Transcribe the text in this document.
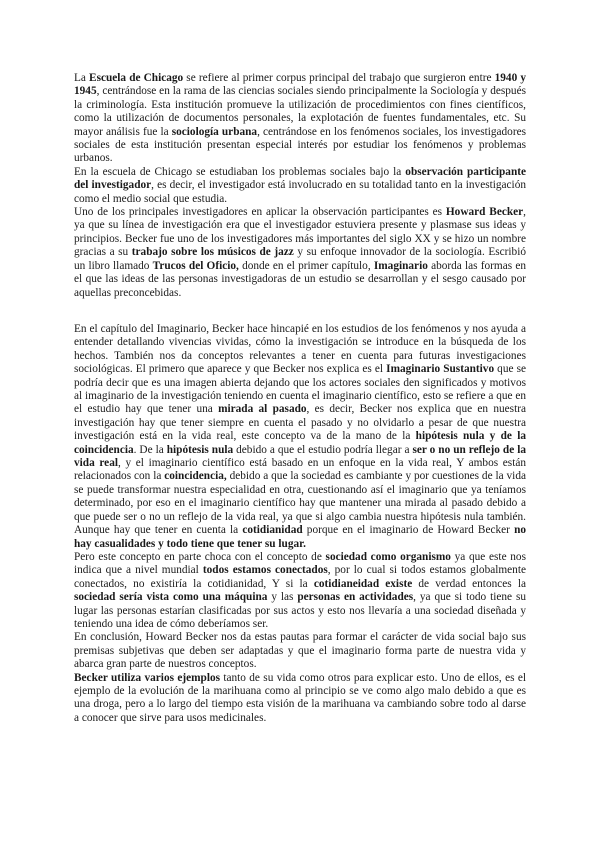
La Escuela de Chicago se refiere al primer corpus principal del trabajo que surgieron entre 1940 y 1945, centrándose en la rama de las ciencias sociales siendo principalmente la Sociología y después la criminología. Esta institución promueve la utilización de procedimientos con fines científicos, como la utilización de documentos personales, la explotación de fuentes fundamentales, etc. Su mayor análisis fue la sociología urbana, centrándose en los fenómenos sociales, los investigadores sociales de esta institución presentan especial interés por estudiar los fenómenos y problemas urbanos.

En la escuela de Chicago se estudiaban los problemas sociales bajo la observación participante del investigador, es decir, el investigador está involucrado en su totalidad tanto en la investigación como el medio social que estudia.

Uno de los principales investigadores en aplicar la observación participantes es Howard Becker, ya que su línea de investigación era que el investigador estuviera presente y plasmase sus ideas y principios. Becker fue uno de los investigadores más importantes del siglo XX y se hizo un nombre gracias a su trabajo sobre los músicos de jazz y su enfoque innovador de la sociología. Escribió un libro llamado Trucos del Oficio, donde en el primer capítulo, Imaginario aborda las formas en el que las ideas de las personas investigadoras de un estudio se desarrollan y el sesgo causado por aquellas preconcebidas.

En el capítulo del Imaginario, Becker hace hincapié en los estudios de los fenómenos y nos ayuda a entender detallando vivencias vividas, cómo la investigación se introduce en la búsqueda de los hechos. También nos da conceptos relevantes a tener en cuenta para futuras investigaciones sociológicas. El primero que aparece y que Becker nos explica es el Imaginario Sustantivo que se podría decir que es una imagen abierta dejando que los actores sociales den significados y motivos al imaginario de la investigación teniendo en cuenta el imaginario científico, esto se refiere a que en el estudio hay que tener una mirada al pasado, es decir, Becker nos explica que en nuestra investigación hay que tener siempre en cuenta el pasado y no olvidarlo a pesar de que nuestra investigación está en la vida real, este concepto va de la mano de la hipótesis nula y de la coincidencia. De la hipótesis nula debido a que el estudio podría llegar a ser o no un reflejo de la vida real, y el imaginario científico está basado en un enfoque en la vida real, Y ambos están relacionados con la coincidencia, debido a que la sociedad es cambiante y por cuestiones de la vida se puede transformar nuestra especialidad en otra, cuestionando así el imaginario que ya teníamos determinado, por eso en el imaginario científico hay que mantener una mirada al pasado debido a que puede ser o no un reflejo de la vida real, ya que si algo cambia nuestra hipótesis nula también. Aunque hay que tener en cuenta la cotidianidad porque en el imaginario de Howard Becker no hay casualidades y todo tiene que tener su lugar.

Pero este concepto en parte choca con el concepto de sociedad como organismo ya que este nos indica que a nivel mundial todos estamos conectados, por lo cual si todos estamos globalmente conectados, no existiría la cotidianidad, Y si la cotidianeidad existe de verdad entonces la sociedad sería vista como una máquina y las personas en actividades, ya que si todo tiene su lugar las personas estarían clasificadas por sus actos y esto nos llevaría a una sociedad diseñada y teniendo una idea de cómo deberíamos ser.

En conclusión, Howard Becker nos da estas pautas para formar el carácter de vida social bajo sus premisas subjetivas que deben ser adaptadas y que el imaginario forma parte de nuestra vida y abarca gran parte de nuestros conceptos.

Becker utiliza varios ejemplos tanto de su vida como otros para explicar esto. Uno de ellos, es el ejemplo de la evolución de la marihuana como al principio se ve como algo malo debido a que es una droga, pero a lo largo del tiempo esta visión de la marihuana va cambiando sobre todo al darse a conocer que sirve para usos medicinales.
